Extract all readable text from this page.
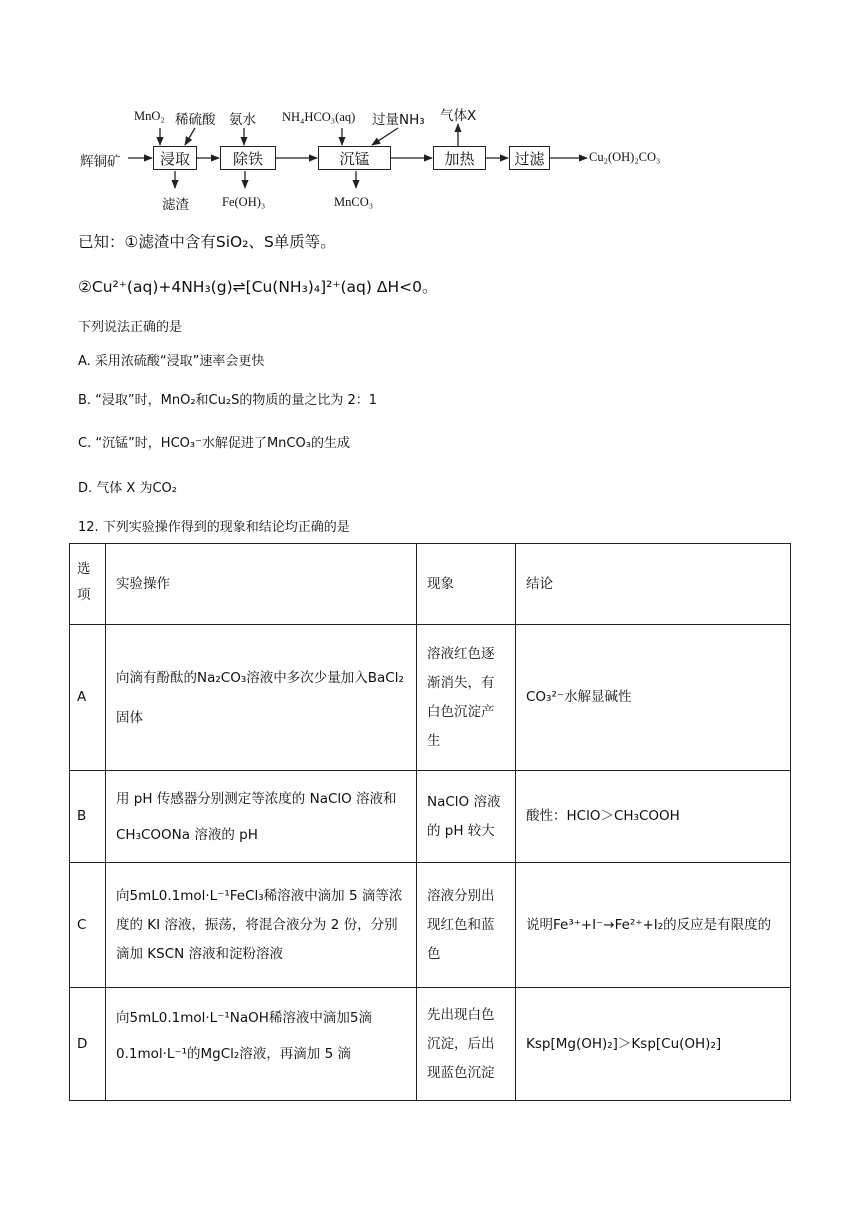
辉铜矿	浸取	除铁	沉锰	加热	过滤	Cu₂(OH)₂CO₃
MnO₂ 稀硫酸 氨水 NH₄HCO₃(aq) 过量NH₃ 气体X
滤渣	Fe(OH)₃	MnCO₃
已知：①滤渣中含有SiO₂、S单质等。
②Cu²⁺(aq)+4NH₃(g)⇌[Cu(NH₃)₄]²⁺(aq) ΔH<0。
下列说法正确的是
A. 采用浓硫酸“浸取”速率会更快
B. “浸取”时，MnO₂和Cu₂S的物质的量之比为 2：1
C. “沉锰”时，HCO₃⁻水解促进了MnCO₃的生成
D. 气体 X 为CO₂
12. 下列实验操作得到的现象和结论均正确的是
选项	实验操作	现象	结论
A	向滴有酚酞的Na₂CO₃溶液中多次少量加入BaCl₂固体	溶液红色逐渐消失，有白色沉淀产生	CO₃²⁻水解显碱性
B	用 pH 传感器分别测定等浓度的 NaClO 溶液和CH₃COONa 溶液的 pH	NaClO 溶液的 pH 较大	酸性：HClO＞CH₃COOH
C	向5mL0.1mol·L⁻¹FeCl₃稀溶液中滴加 5 滴等浓度的 KI 溶液，振荡，将混合液分为 2 份，分别滴加 KSCN 溶液和淀粉溶液	溶液分别出现红色和蓝色	说明Fe³⁺+I⁻→Fe²⁺+I₂的反应是有限度的
D	向5mL0.1mol·L⁻¹NaOH稀溶液中滴加5滴0.1mol·L⁻¹的MgCl₂溶液，再滴加 5 滴	先出现白色沉淀，后出现蓝色沉淀	Ksp[Mg(OH)₂]＞Ksp[Cu(OH)₂]
